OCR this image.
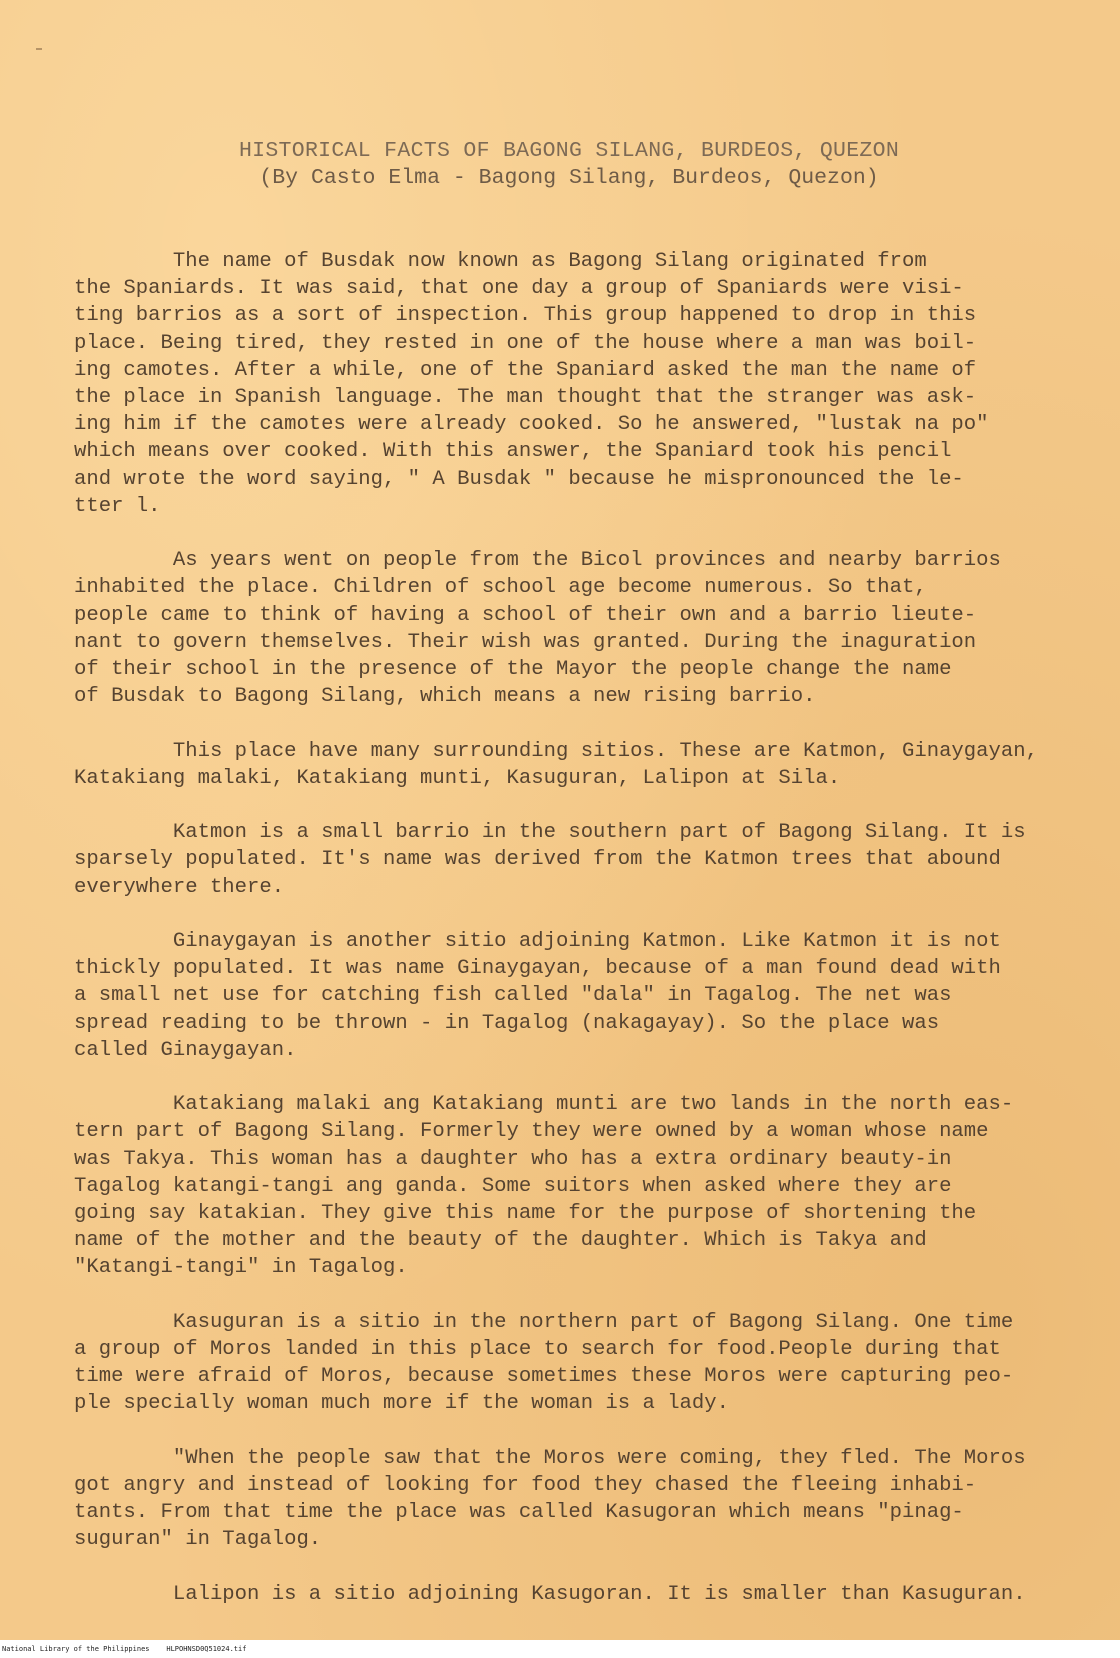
HISTORICAL FACTS OF BAGONG SILANG, BURDEOS, QUEZON
(By Casto Elma - Bagong Silang, Burdeos, Quezon)
The name of Busdak now known as Bagong Silang originated from
the Spaniards. It was said, that one day a group of Spaniards were visi-
ting barrios as a sort of inspection. This group happened to drop in this
place. Being tired, they rested in one of the house where a man was boil-
ing camotes. After a while, one of the Spaniard asked the man the name of
the place in Spanish language. The man thought that the stranger was ask-
ing him if the camotes were already cooked. So he answered, "lustak na po"
which means over cooked. With this answer, the Spaniard took his pencil
and wrote the word saying, " A Busdak " because he mispronounced the le-
tter l.
As years went on people from the Bicol provinces and nearby barrios
inhabited the place. Children of school age become numerous. So that,
people came to think of having a school of their own and a barrio lieute-
nant to govern themselves. Their wish was granted. During the inaguration
of their school in the presence of the Mayor the people change the name
of Busdak to Bagong Silang, which means a new rising barrio.
This place have many surrounding sitios. These are Katmon, Ginaygayan,
Katakiang malaki, Katakiang munti, Kasuguran, Lalipon at Sila.
Katmon is a small barrio in the southern part of Bagong Silang. It is
sparsely populated. It's name was derived from the Katmon trees that abound
everywhere there.
Ginaygayan is another sitio adjoining Katmon. Like Katmon it is not
thickly populated. It was name Ginaygayan, because of a man found dead with
a small net use for catching fish called "dala" in Tagalog. The net was
spread reading to be thrown - in Tagalog (nakagayay). So the place was
called Ginaygayan.
Katakiang malaki ang Katakiang munti are two lands in the north eas-
tern part of Bagong Silang. Formerly they were owned by a woman whose name
was Takya. This woman has a daughter who has a extra ordinary beauty-in
Tagalog katangi-tangi ang ganda. Some suitors when asked where they are
going say katakian. They give this name for the purpose of shortening the
name of the mother and the beauty of the daughter. Which is Takya and
"Katangi-tangi" in Tagalog.
Kasuguran is a sitio in the northern part of Bagong Silang. One time
a group of Moros landed in this place to search for food.People during that
time were afraid of Moros, because sometimes these Moros were capturing peo-
ple specially woman much more if the woman is a lady.
"When the people saw that the Moros were coming, they fled. The Moros
got angry and instead of looking for food they chased the fleeing inhabi-
tants. From that time the place was called Kasugoran which means "pinag-
suguran" in Tagalog.
Lalipon is a sitio adjoining Kasugoran. It is smaller than Kasuguran.
National Library of the Philippines    HLPOHNSD0Q51024.tif
